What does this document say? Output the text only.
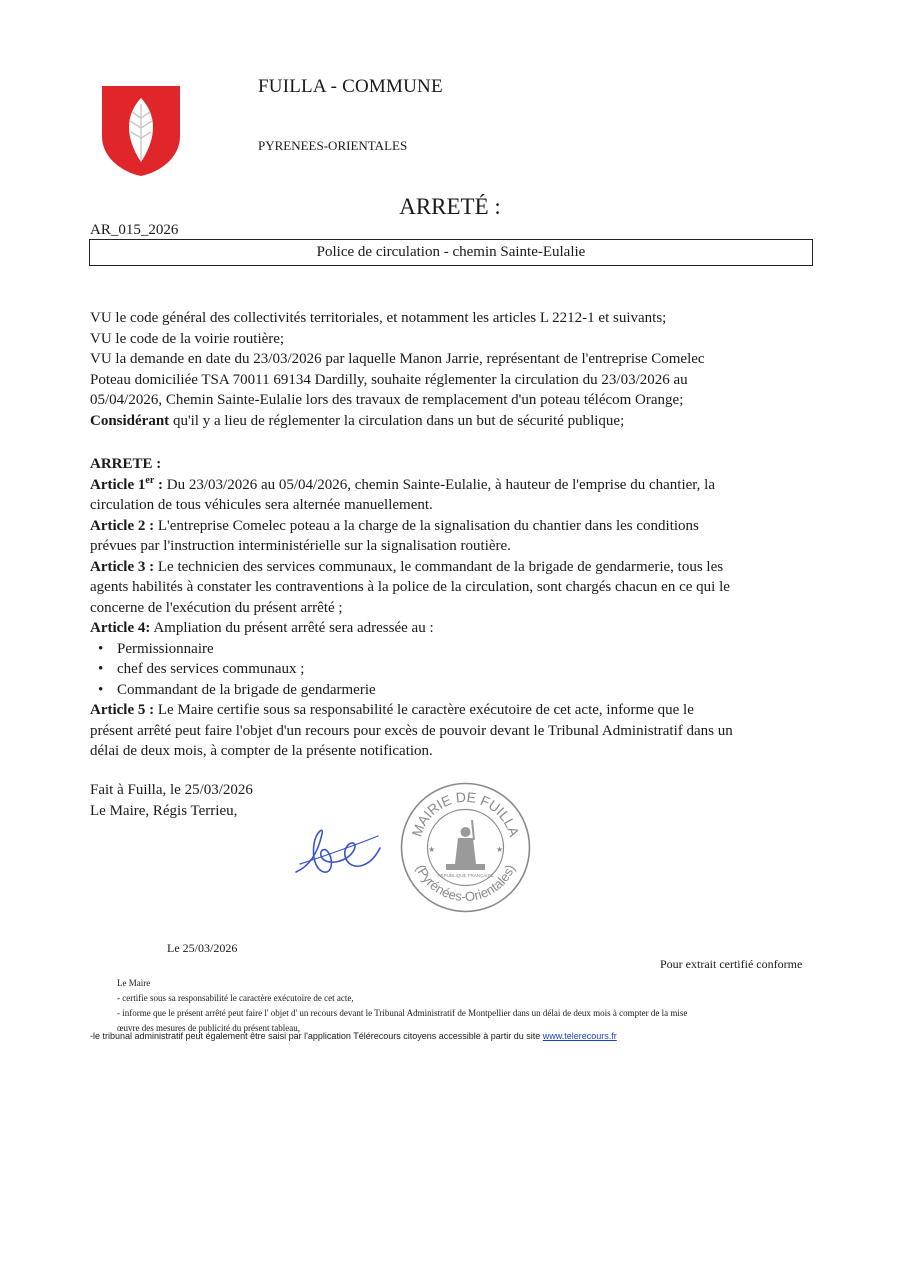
FUILLA - COMMUNE
PYRENEES-ORIENTALES
ARRETÉ :
AR_015_2026
Police de circulation - chemin Sainte-Eulalie
VU le code général des collectivités territoriales, et notamment les articles L 2212-1 et suivants;
VU le code de la voirie routière;
VU la demande en date du 23/03/2026 par laquelle Manon Jarrie, représentant de l'entreprise Comelec
Poteau domiciliée TSA 70011 69134 Dardilly, souhaite réglementer la circulation du 23/03/2026 au
05/04/2026, Chemin Sainte-Eulalie lors des travaux de remplacement d'un poteau télécom Orange;
Considérant qu'il y a lieu de réglementer la circulation dans un but de sécurité publique;
ARRETE :
Article 1er : Du 23/03/2026 au 05/04/2026, chemin Sainte-Eulalie, à hauteur de l'emprise du chantier, la
circulation de tous véhicules sera alternée manuellement.
Article 2 : L'entreprise Comelec poteau a la charge de la signalisation du chantier dans les conditions
prévues par l'instruction interministérielle sur la signalisation routière.
Article 3 : Le technicien des services communaux, le commandant de la brigade de gendarmerie, tous les
agents habilités à constater les contraventions à la police de la circulation, sont chargés chacun en ce qui le
concerne de l'exécution du présent arrêté ;
Article 4: Ampliation du présent arrêté sera adressée au :
• Permissionnaire
• chef des services communaux ;
• Commandant de la brigade de gendarmerie
Article 5 : Le Maire certifie sous sa responsabilité le caractère exécutoire de cet acte, informe que le
présent arrêté peut faire l'objet d'un recours pour excès de pouvoir devant le Tribunal Administratif dans un
délai de deux mois, à compter de la présente notification.
Fait à Fuilla, le 25/03/2026
Le Maire, Régis Terrieu,
MAIRIE DE FUILLA
(Pyrénées-Orientales)
RÉPUBLIQUE FRANÇAISE
★	★
Le 25/03/2026
Pour extrait certifié conforme
Le Maire
- certifie sous sa responsabilité le caractère exécutoire de cet acte,
- informe que le présent arrêté peut faire l' objet d' un recours devant le Tribunal Administratif de Montpellier dans un délai de deux mois à compter de la mise
œuvre des mesures de publicité du présent tableau,
-le tribunal administratif peut également être saisi par l'application Télérecours citoyens accessible à partir du site www.telerecours.fr
